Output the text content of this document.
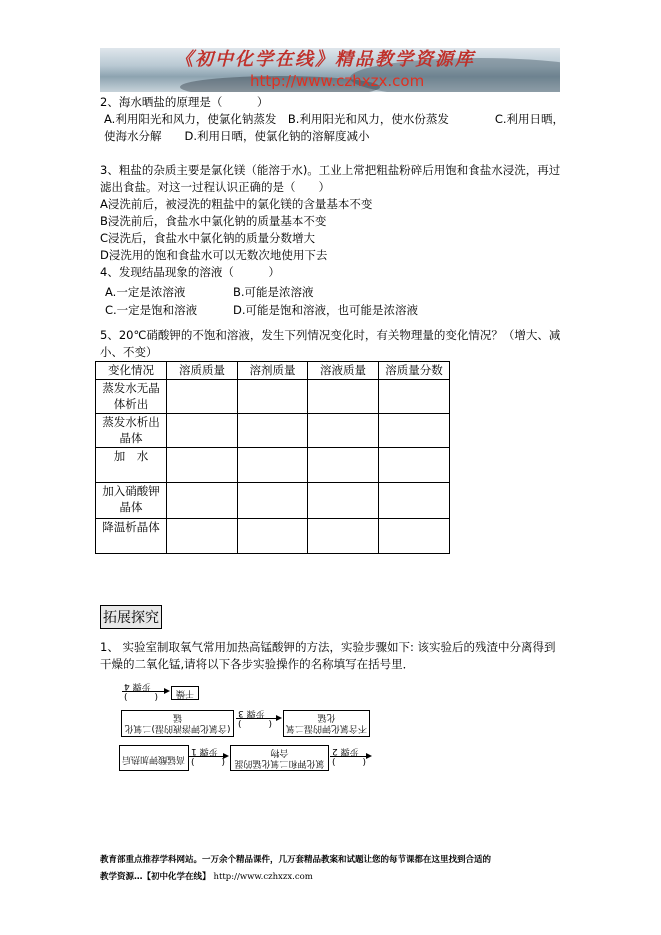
《初中化学在线》精品教学资源库
http://www.czhxzx.com
2、海水晒盐的原理是（　　　）
A.利用阳光和风力，使氯化钠蒸发　B.利用阳光和风力，使水份蒸发　　　　C.利用日晒，
使海水分解　　D.利用日晒，使氯化钠的溶解度减小
3、粗盐的杂质主要是氯化镁（能溶于水)。工业上常把粗盐粉碎后用饱和食盐水浸洗，再过
滤出食盐。对这一过程认识正确的是（　　）
A浸洗前后，被浸洗的粗盐中的氯化镁的含量基本不变
B浸洗前后，食盐水中氯化钠的质量基本不变
C浸洗后，食盐水中氯化钠的质量分数增大
D浸洗用的饱和食盐水可以无数次地使用下去
4、发现结晶现象的溶液（　　　）
A.一定是浓溶液	B.可能是浓溶液
C.一定是饱和溶液	D.可能是饱和溶液，也可能是浓溶液
5、20℃硝酸钾的不饱和溶液，发生下列情况变化时，有关物理量的变化情况？（增大、减
小、不变）
变化情况	溶质质量	溶剂质量	溶液质量	溶质量分数
蒸发水无晶体析出				
蒸发水析出晶体				
加　水				
加入硝酸钾晶体				
降温析晶体				
拓展探究
1、 实验室制取氧气常用加热高锰酸钾的方法，实验步骤如下: 该实验后的残渣中分离得到
干燥的二氧化锰,请将以下各步实验操作的名称填写在括号里．
步骤 4
(　　　)	干燥
(含氯化钾溶液的湿)二氧化锰	步骤 3
(　　　)	不含氯化钾的湿二氧化锰
高锰酸钾加热后
步骤 1
(　　　)	氯化钾和二氧化锰的混合物	步骤 2
(　　　)
教育部重点推荐学科网站。一万余个精品课件，几万套精品教案和试题让您的每节课都在这里找到合适的
教学资源…【初中化学在线】 http://www.czhxzx.com
